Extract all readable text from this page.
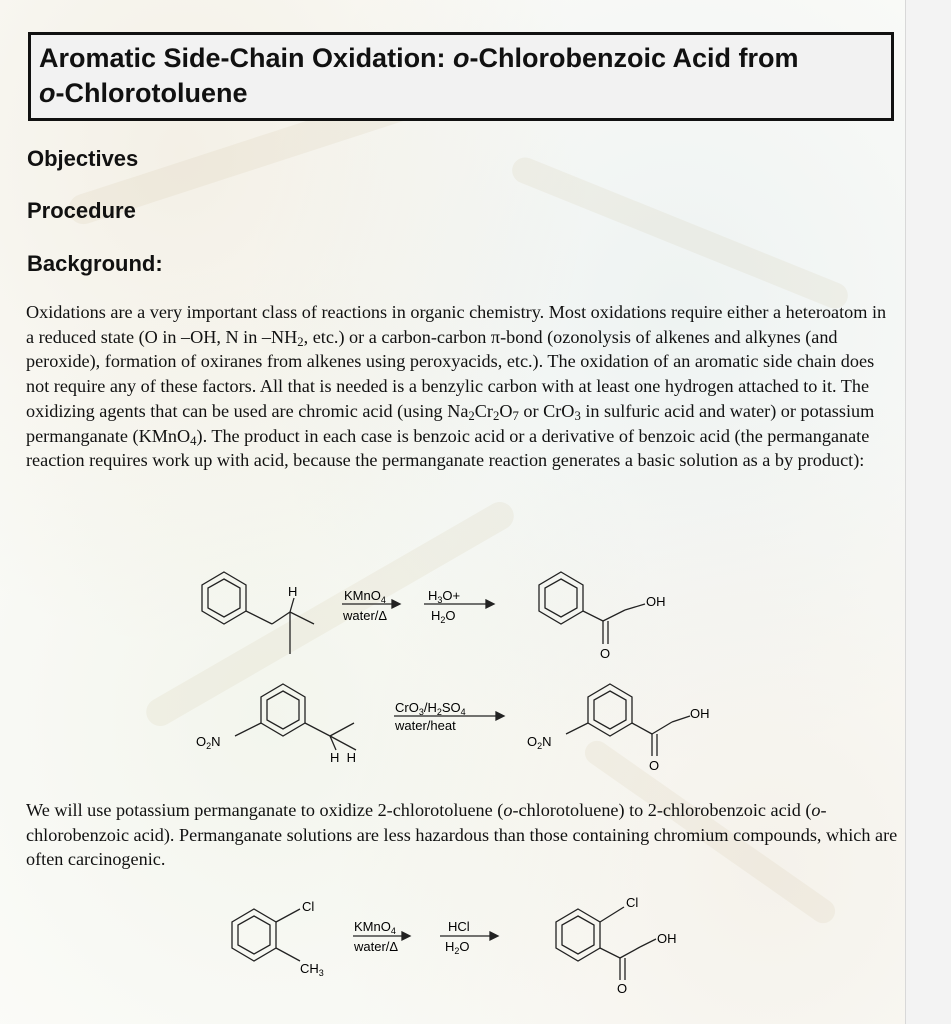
Aromatic Side-Chain Oxidation: o-Chlorobenzoic Acid from
o-Chlorotoluene
Objectives
Procedure
Background:

Oxidations are a very important class of reactions in organic chemistry. Most oxidations require either a heteroatom in a reduced state (O in –OH, N in $-NH_2$, etc.) or a carbon-carbon π-bond (ozonolysis of alkenes and alkynes (and peroxide), formation of oxiranes from alkenes using peroxyacids, etc.). The oxidation of an aromatic side chain does not require any of these factors. All that is needed is a benzylic carbon with at least one hydrogen attached to it. The oxidizing agents that can be used are chromic acid (using $Na_2Cr_2O_7$ or CrO$_3$ in sulfuric acid and water) or potassium permanganate (KMnO$_4$). The product in each case is benzoic acid or a derivative of benzoic acid (the permanganate reaction requires work up with acid, because the permanganate reaction generates a basic solution as a by product):

H	KMnO$_4$
water/Δ
$H_3O+$
$H_2O$
OH
O
$O_2N$
H  H
$CrO_3/H_2SO_4$
water/heat
$O_2N$
OH
O

We will use potassium permanganate to oxidize 2-chlorotoluene (o-chlorotoluene) to 2-chlorobenzoic acid (o-chlorobenzoic acid). Permanganate solutions are less hazardous than those containing chromium compounds, which are often carcinogenic.

Cl
$CH_3$
KMnO$_4$
water/Δ
HCl
$H_2O$
Cl
OH
O
